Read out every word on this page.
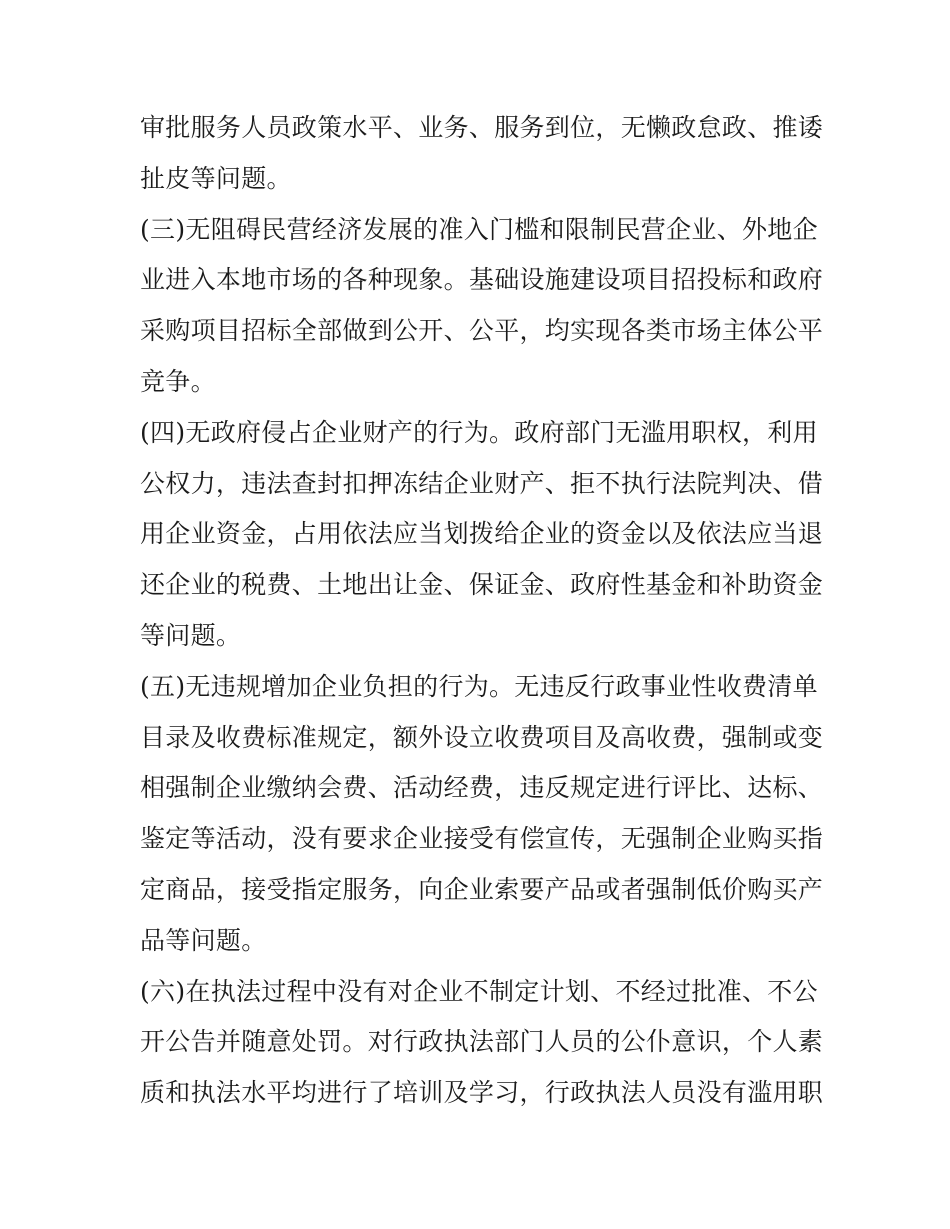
审批服务人员政策水平、业务、服务到位，无懒政怠政、推诿
扯皮等问题。
(三)无阻碍民营经济发展的准入门槛和限制民营企业、外地企
业进入本地市场的各种现象。基础设施建设项目招投标和政府
采购项目招标全部做到公开、公平，均实现各类市场主体公平
竞争。
(四)无政府侵占企业财产的行为。政府部门无滥用职权，利用
公权力，违法查封扣押冻结企业财产、拒不执行法院判决、借
用企业资金，占用依法应当划拨给企业的资金以及依法应当退
还企业的税费、土地出让金、保证金、政府性基金和补助资金
等问题。
(五)无违规增加企业负担的行为。无违反行政事业性收费清单
目录及收费标准规定，额外设立收费项目及高收费，强制或变
相强制企业缴纳会费、活动经费，违反规定进行评比、达标、
鉴定等活动，没有要求企业接受有偿宣传，无强制企业购买指
定商品，接受指定服务，向企业索要产品或者强制低价购买产
品等问题。
(六)在执法过程中没有对企业不制定计划、不经过批准、不公
开公告并随意处罚。对行政执法部门人员的公仆意识，个人素
质和执法水平均进行了培训及学习，行政执法人员没有滥用职
